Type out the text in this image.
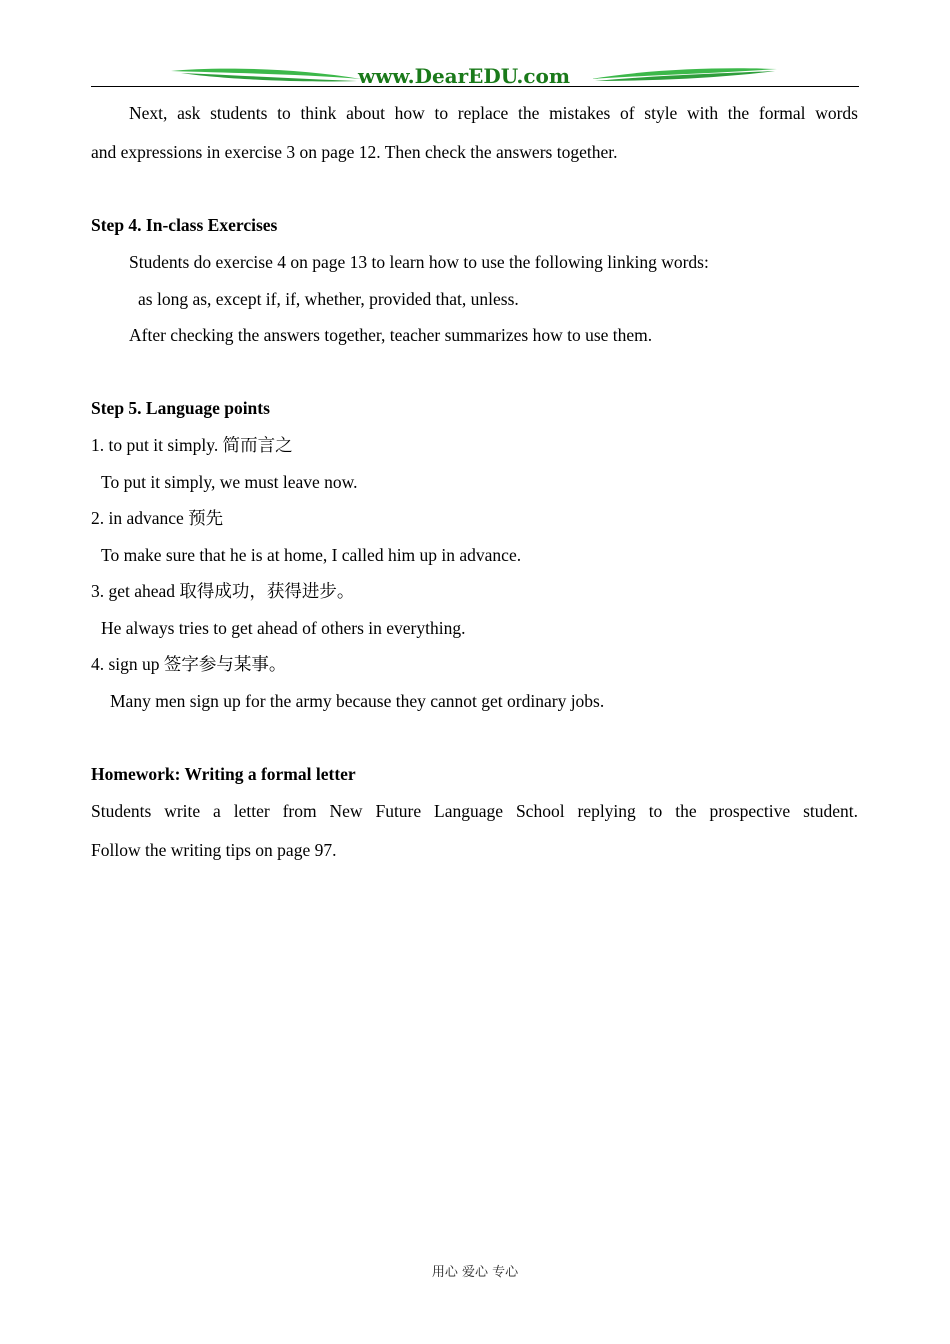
www.DearEDU.com
Next, ask students to think about how to replace the mistakes of style with the formal words
and expressions in exercise 3 on page 12. Then check the answers together.
Step 4. In-class Exercises
Students do exercise 4 on page 13 to learn how to use the following linking words:
as long as, except if, if, whether, provided that, unless.
After checking the answers together, teacher summarizes how to use them.
Step 5. Language points
1. to put it simply. 简而言之
To put it simply, we must leave now.
2. in advance 预先
To make sure that he is at home, I called him up in advance.
3. get ahead 取得成功，获得进步。
He always tries to get ahead of others in everything.
4. sign up 签字参与某事。
Many men sign up for the army because they cannot get ordinary jobs.
Homework: Writing a formal letter
Students write a letter from New Future Language School replying to the prospective student.
Follow the writing tips on page 97.
用心 爱心 专心
